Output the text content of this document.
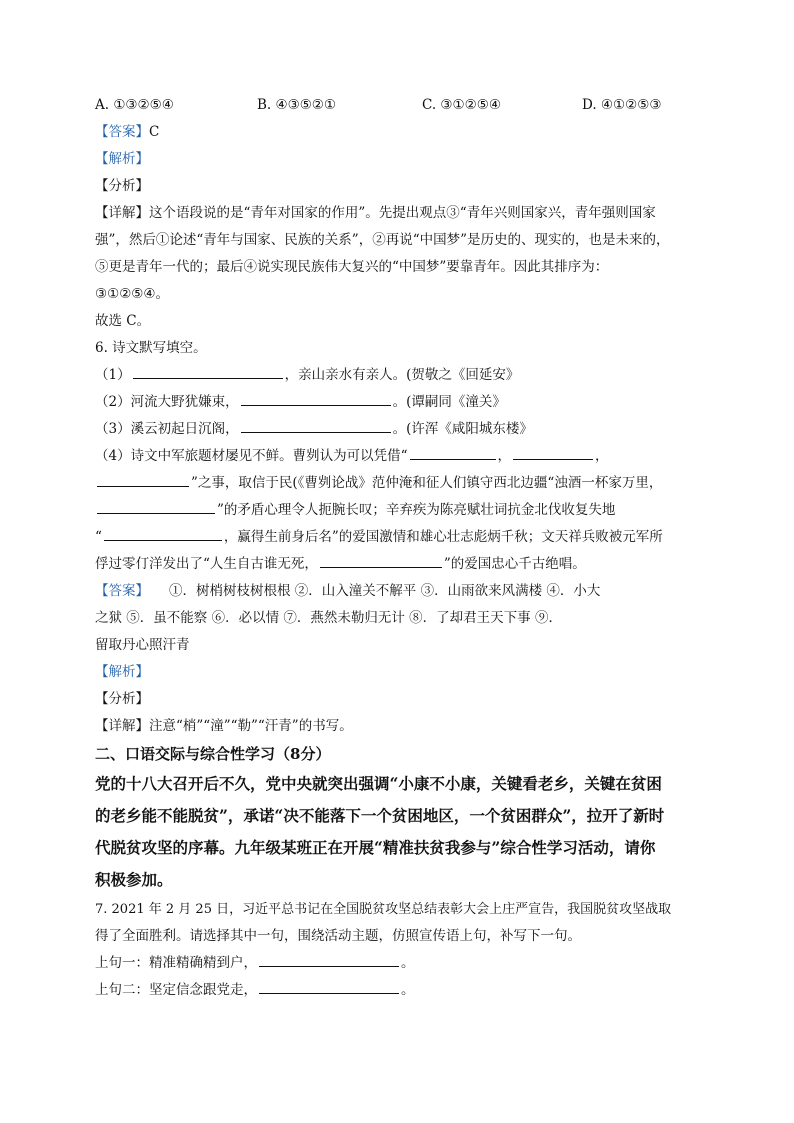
A. ①③②⑤④	B. ④③⑤②①	C. ③①②⑤④	D. ④①②⑤③
【答案】C
【解析】
【分析】
【详解】这个语段说的是“青年对国家的作用”。先提出观点③“青年兴则国家兴，青年强则国家
强”，然后①论述“青年与国家、民族的关系”，②再说“中国梦”是历史的、现实的，也是未来的，
⑤更是青年一代的；最后④说实现民族伟大复兴的“中国梦”要靠青年。因此其排序为：
③①②⑤④。
故选 C。
6. 诗文默写填空。
（1）	，亲山亲水有亲人。(贺敬之《回延安》
（2）河流大野犹嫌束，	。(谭嗣同《潼关》
（3）溪云初起日沉阁，	。(许浑《咸阳城东楼》
（4）诗文中军旅题材屡见不鲜。曹刿认为可以凭借“	，	，
”之事，取信于民(《曹刿论战》范仲淹和征人们镇守西北边疆“浊酒一杯家万里，
”的矛盾心理令人扼腕长叹；辛弃疾为陈亮赋壮词抗金北伐收复失地
“	，赢得生前身后名”的爱国激情和雄心壮志彪炳千秋；文天祥兵败被元军所
俘过零仃洋发出了“人生自古谁无死，	”的爱国忠心千古绝唱。
【答案】 ①．树梢树枝树根根 ②．山入潼关不解平 ③．山雨欲来风满楼 ④．小大
之狱 ⑤．虽不能察 ⑥．必以情 ⑦．燕然未勒归无计 ⑧．了却君王天下事 ⑨．
留取丹心照汗青
【解析】
【分析】
【详解】注意“梢”“潼”“勒”“汗青”的书写。
二、口语交际与综合性学习（8分）
党的十八大召开后不久，党中央就突出强调“小康不小康，关键看老乡，关键在贫困
的老乡能不能脱贫”，承诺“决不能落下一个贫困地区，一个贫困群众”，拉开了新时
代脱贫攻坚的序幕。九年级某班正在开展“精准扶贫我参与”综合性学习活动，请你
积极参加。
7. 2021 年 2 月 25 日，习近平总书记在全国脱贫攻坚总结表彰大会上庄严宣告，我国脱贫攻坚战取
得了全面胜利。请选择其中一句，围绕活动主题，仿照宣传语上句，补写下一句。
上句一：精准精确精到户，	。
上句二：坚定信念跟党走，	。
